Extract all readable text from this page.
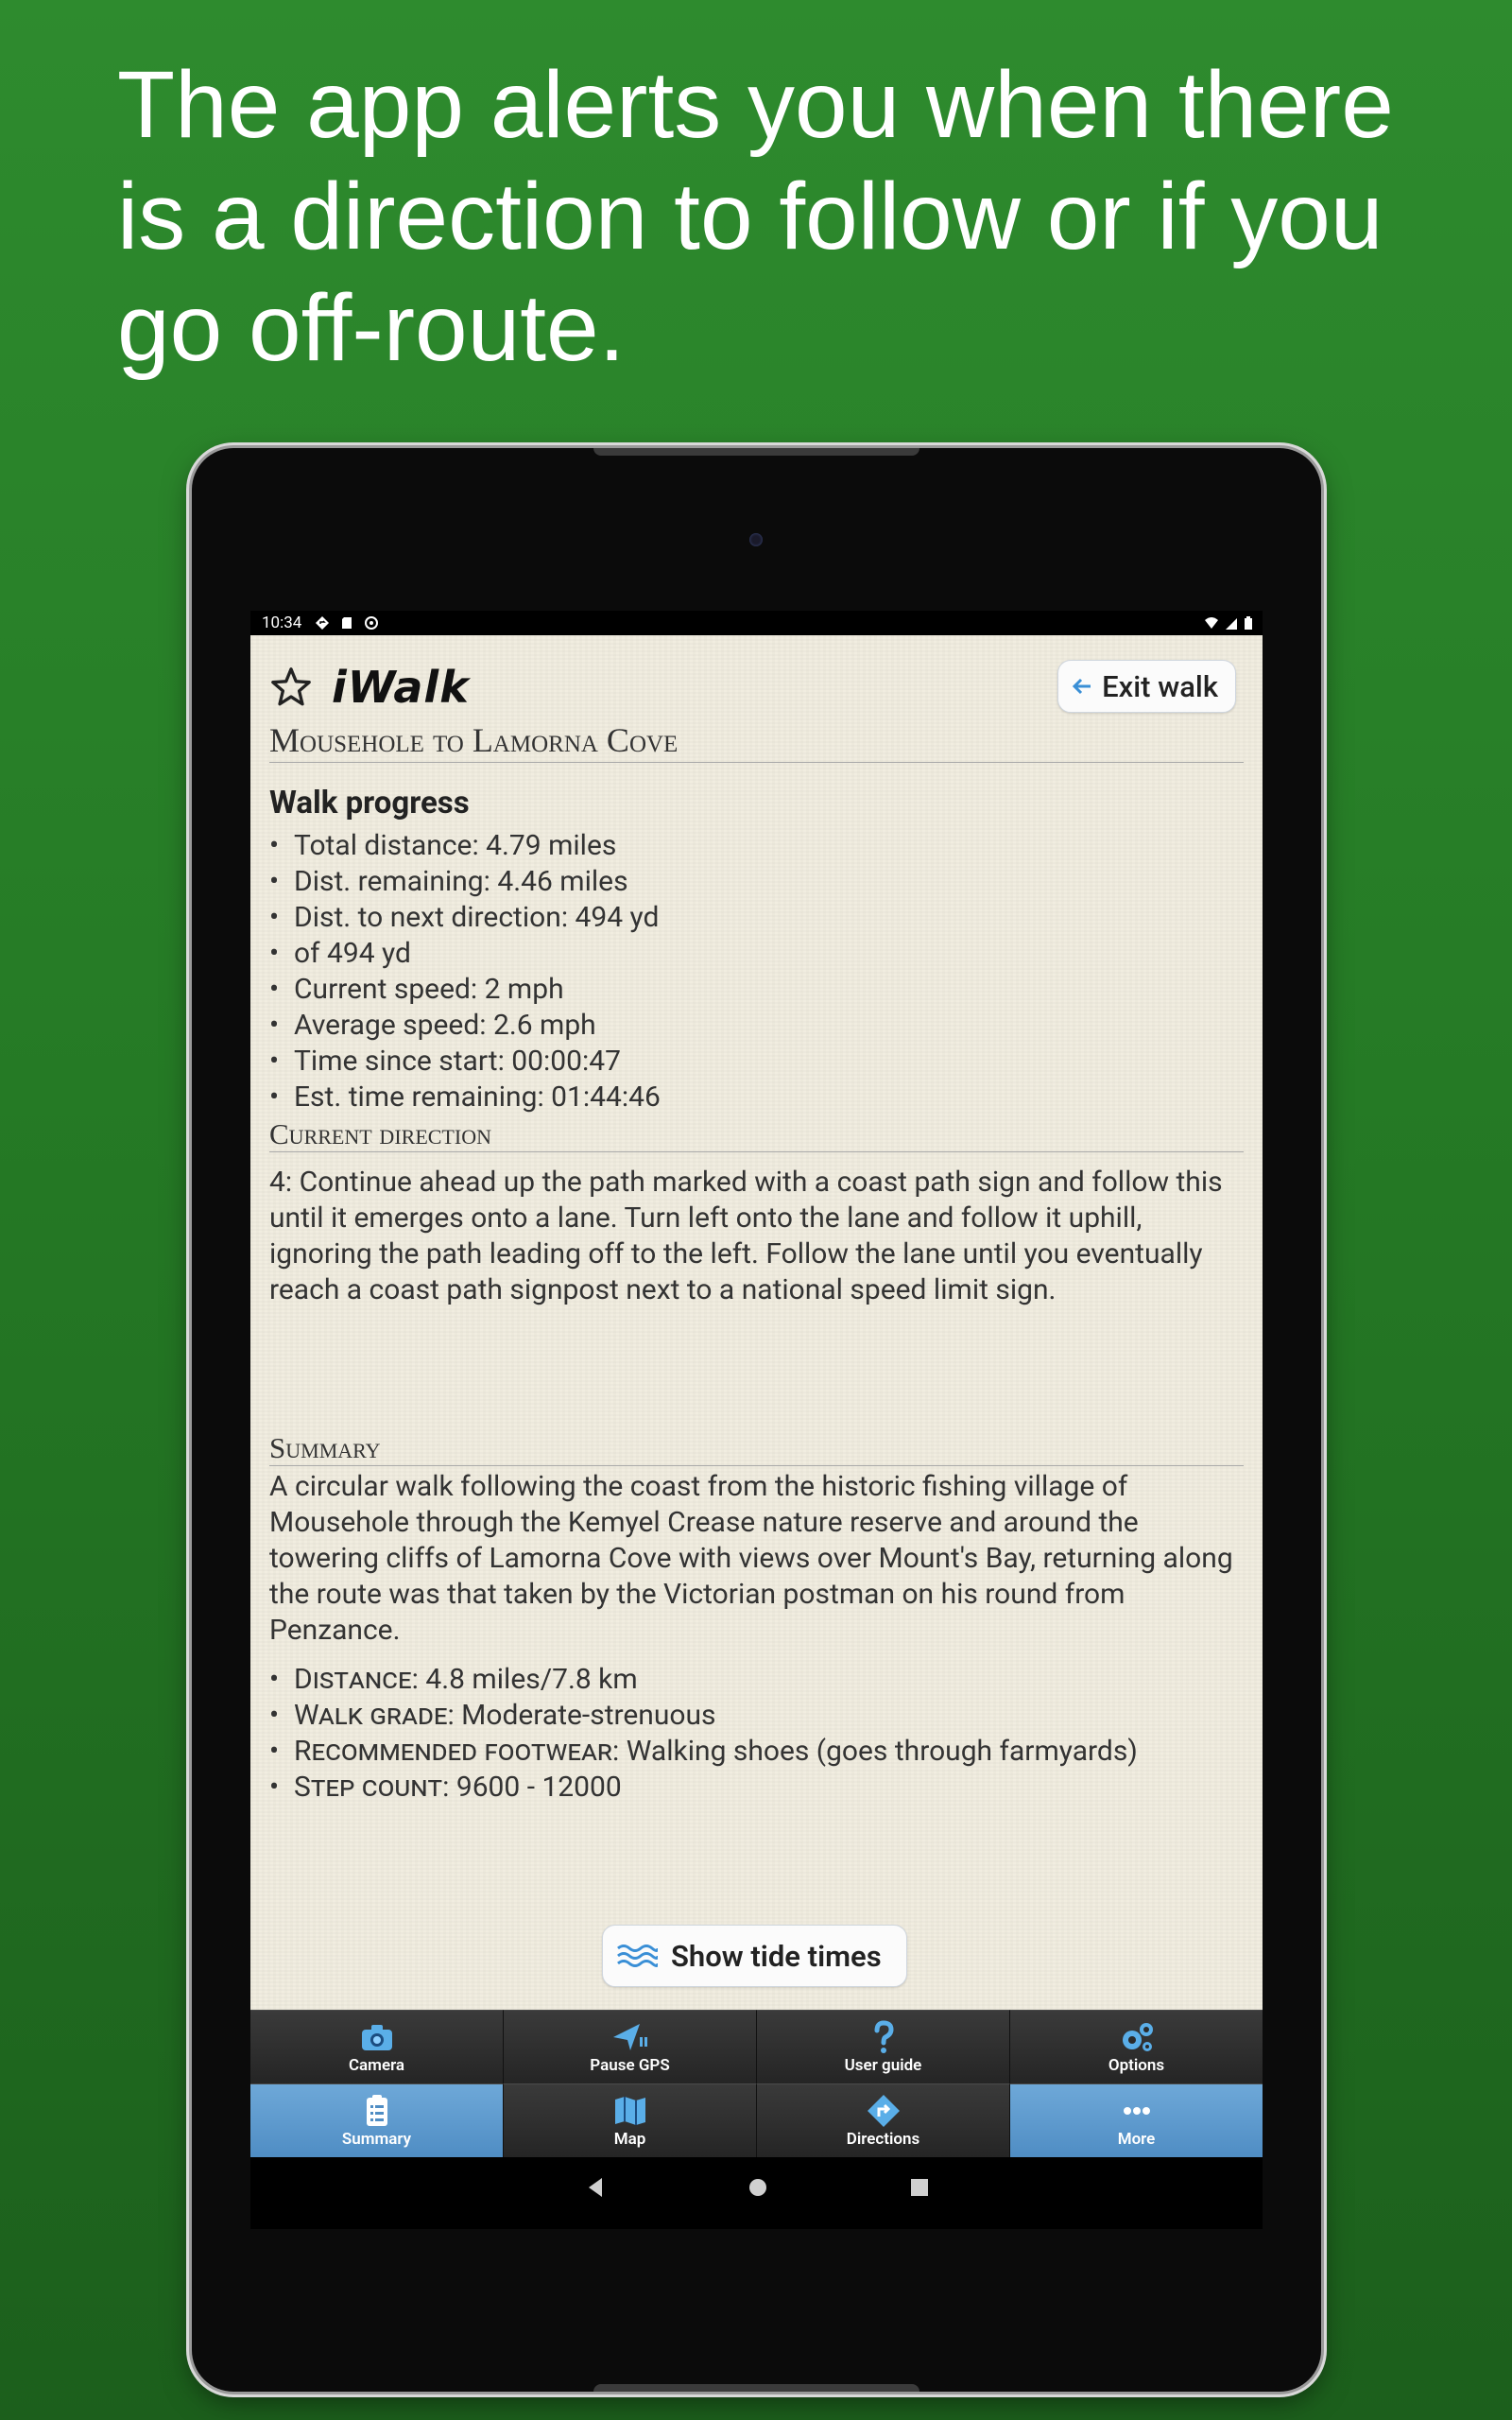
The app alerts you when there is a direction to follow or if you go off-route.
10:34
iWalk	Exit walk
Mousehole to Lamorna Cove
Walk progress
• Total distance: 4.79 miles
• Dist. remaining: 4.46 miles
• Dist. to next direction: 494 yd
• of 494 yd
• Current speed: 2 mph
• Average speed: 2.6 mph
• Time since start: 00:00:47
• Est. time remaining: 01:44:46
Current direction

4: Continue ahead up the path marked with a coast path sign and follow this until it emerges onto a lane. Turn left onto the lane and follow it uphill, ignoring the path leading off to the left. Follow the lane until you eventually reach a coast path signpost next to a national speed limit sign.

Summary

A circular walk following the coast from the historic fishing village of Mousehole through the Kemyel Crease nature reserve and around the towering cliffs of Lamorna Cove with views over Mount's Bay, returning along the route was that taken by the Victorian postman on his round from Penzance.

• Distance: 4.8 miles/7.8 km
• Walk grade: Moderate-strenuous
• Recommended footwear: Walking shoes (goes through farmyards)
• Step count: 9600 - 12000
Show tide times
Camera	Pause GPS	User guide	Options
Summary	Map	Directions	More
